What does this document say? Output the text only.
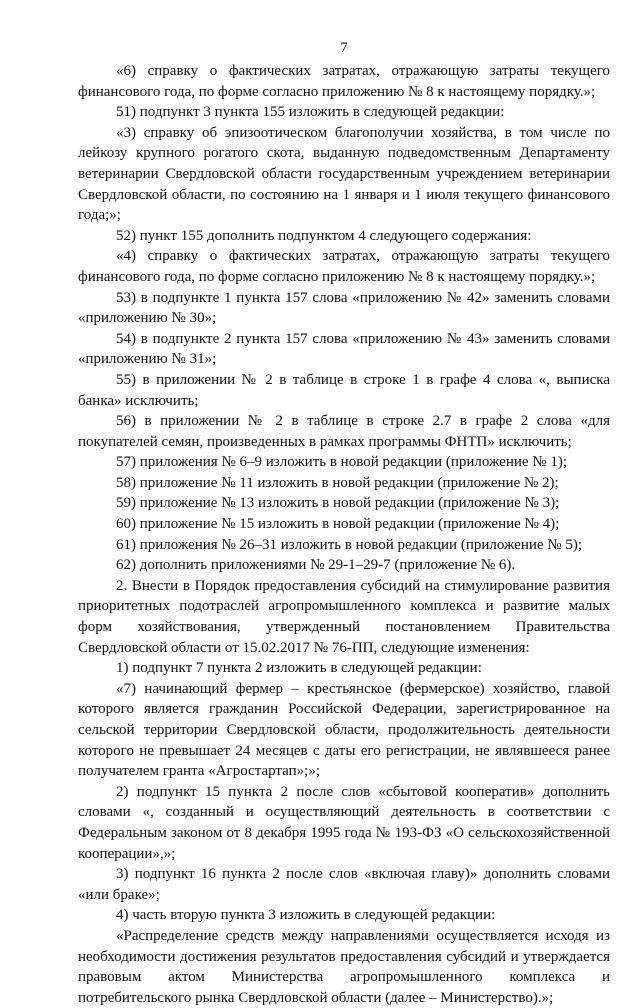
7

«6) справку о фактических затратах, отражающую затраты текущего финансового года, по форме согласно приложению № 8 к настоящему порядку.»;

51) подпункт 3 пункта 155 изложить в следующей редакции:

«3) справку об эпизоотическом благополучии хозяйства, в том числе по лейкозу крупного рогатого скота, выданную подведомственным Департаменту ветеринарии Свердловской области государственным учреждением ветеринарии Свердловской области, по состоянию на 1 января и 1 июля текущего финансового года;»;

52) пункт 155 дополнить подпунктом 4 следующего содержания:

«4) справку о фактических затратах, отражающую затраты текущего финансового года, по форме согласно приложению № 8 к настоящему порядку.»;

53) в подпункте 1 пункта 157 слова «приложению № 42» заменить словами «приложению № 30»;

54) в подпункте 2 пункта 157 слова «приложению № 43» заменить словами «приложению № 31»;

55) в приложении № 2 в таблице в строке 1 в графе 4 слова «, выписка банка» исключить;

56) в приложении № 2 в таблице в строке 2.7 в графе 2 слова «для покупателей семян, произведенных в рамках программы ФНТП» исключить;

57) приложения № 6–9 изложить в новой редакции (приложение № 1);

58) приложение № 11 изложить в новой редакции (приложение № 2);

59) приложение № 13 изложить в новой редакции (приложение № 3);

60) приложение № 15 изложить в новой редакции (приложение № 4);

61) приложения № 26–31 изложить в новой редакции (приложение № 5);

62) дополнить приложениями № 29-1–29-7 (приложение № 6).

2. Внести в Порядок предоставления субсидий на стимулирование развития приоритетных подотраслей агропромышленного комплекса и развитие малых форм хозяйствования, утвержденный постановлением Правительства Свердловской области от 15.02.2017 № 76-ПП, следующие изменения:

1) подпункт 7 пункта 2 изложить в следующей редакции:

«7) начинающий фермер – крестьянское (фермерское) хозяйство, главой которого является гражданин Российской Федерации, зарегистрированное на сельской территории Свердловской области, продолжительность деятельности которого не превышает 24 месяцев с даты его регистрации, не являвшееся ранее получателем гранта «Агростартап»;»;

2) подпункт 15 пункта 2 после слов «сбытовой кооператив» дополнить словами «, созданный и осуществляющий деятельность в соответствии с Федеральным законом от 8 декабря 1995 года № 193-ФЗ «О сельскохозяйственной кооперации»,»;

3) подпункт 16 пункта 2 после слов «включая главу)» дополнить словами «или браке»;

4) часть вторую пункта 3 изложить в следующей редакции:

«Распределение средств между направлениями осуществляется исходя из необходимости достижения результатов предоставления субсидий и утверждается правовым актом Министерства агропромышленного комплекса и потребительского рынка Свердловской области (далее – Министерство).»;
